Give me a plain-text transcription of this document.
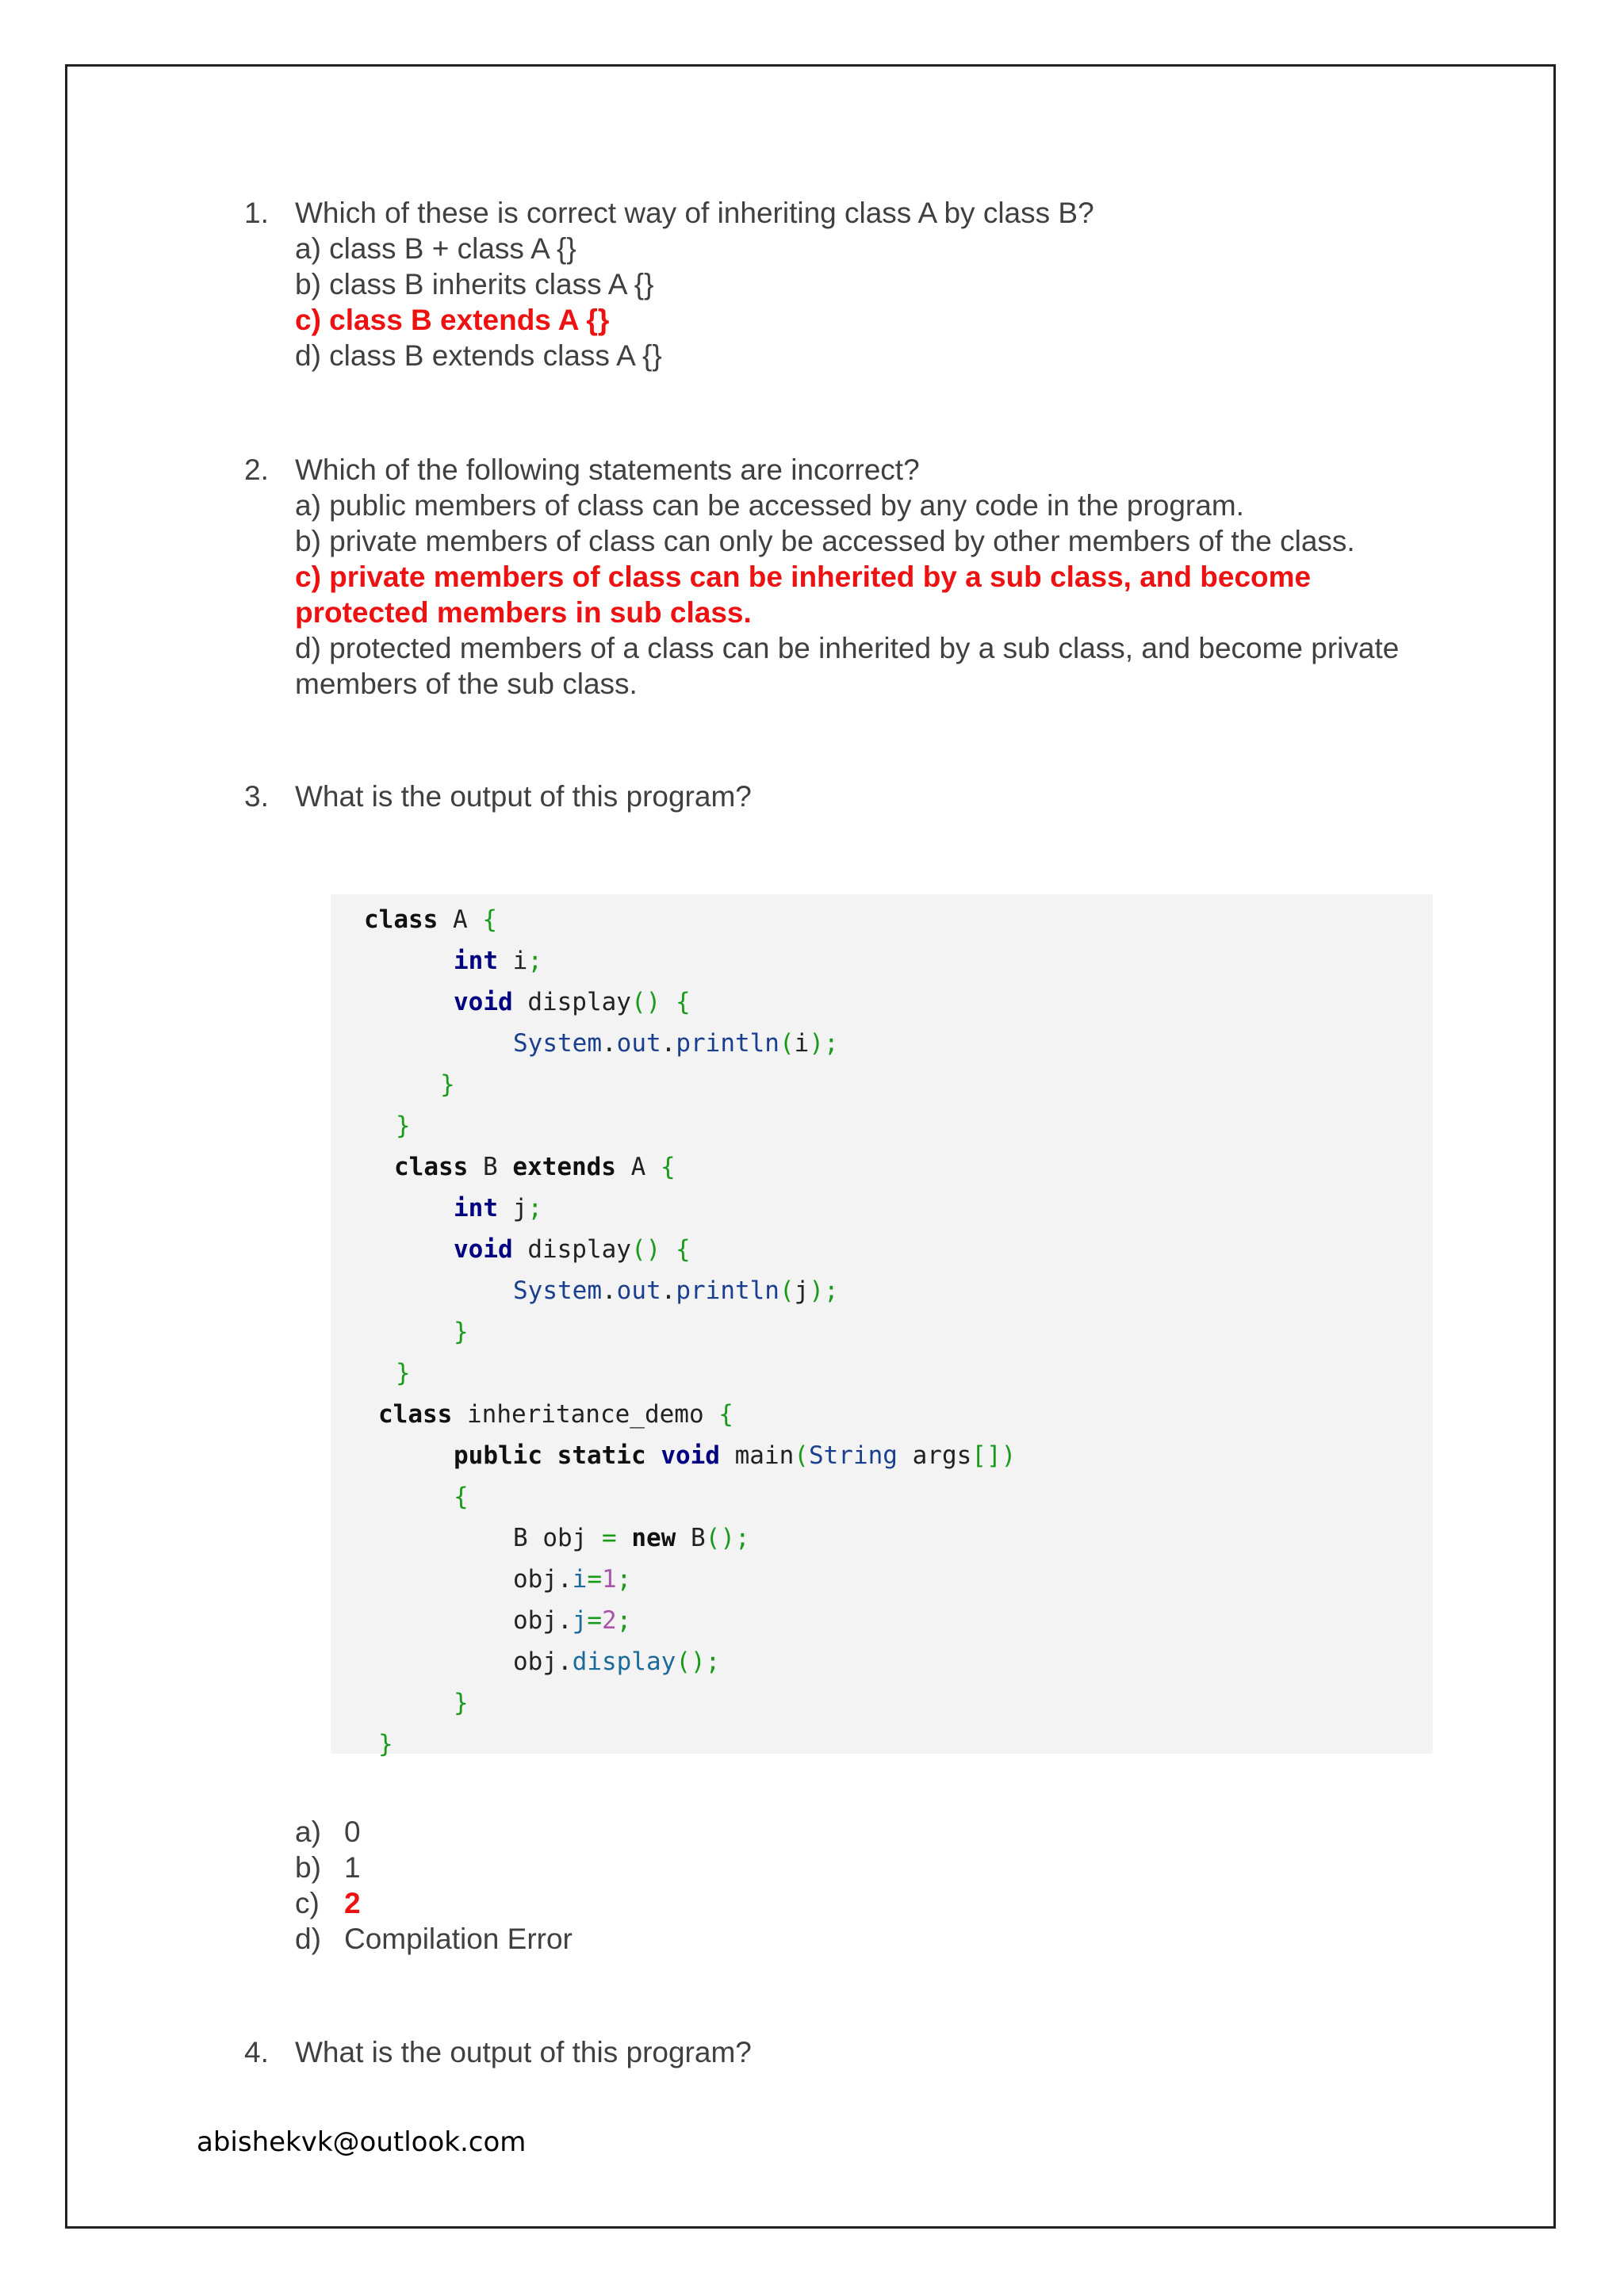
1. Which of these is correct way of inheriting class A by class B?
a) class B + class A {}
b) class B inherits class A {}
c) class B extends A {}
d) class B extends class A {}
2. Which of the following statements are incorrect?
a) public members of class can be accessed by any code in the program.
b) private members of class can only be accessed by other members of the class.
c) private members of class can be inherited by a sub class, and become protected members in sub class.
d) protected members of a class can be inherited by a sub class, and become private members of the sub class.
3. What is the output of this program?
class A {
int i;
void display() {
System.out.println(i);
}
}
class B extends A {
int j;
void display() {
System.out.println(j);
}
}
class inheritance_demo {
public static void main(String args[])
{
B obj = new B();
obj.i=1;
obj.j=2;
obj.display();
}
}
a) 0
b) 1
c) 2
d) Compilation Error
4. What is the output of this program?
abishekvk@outlook.com
